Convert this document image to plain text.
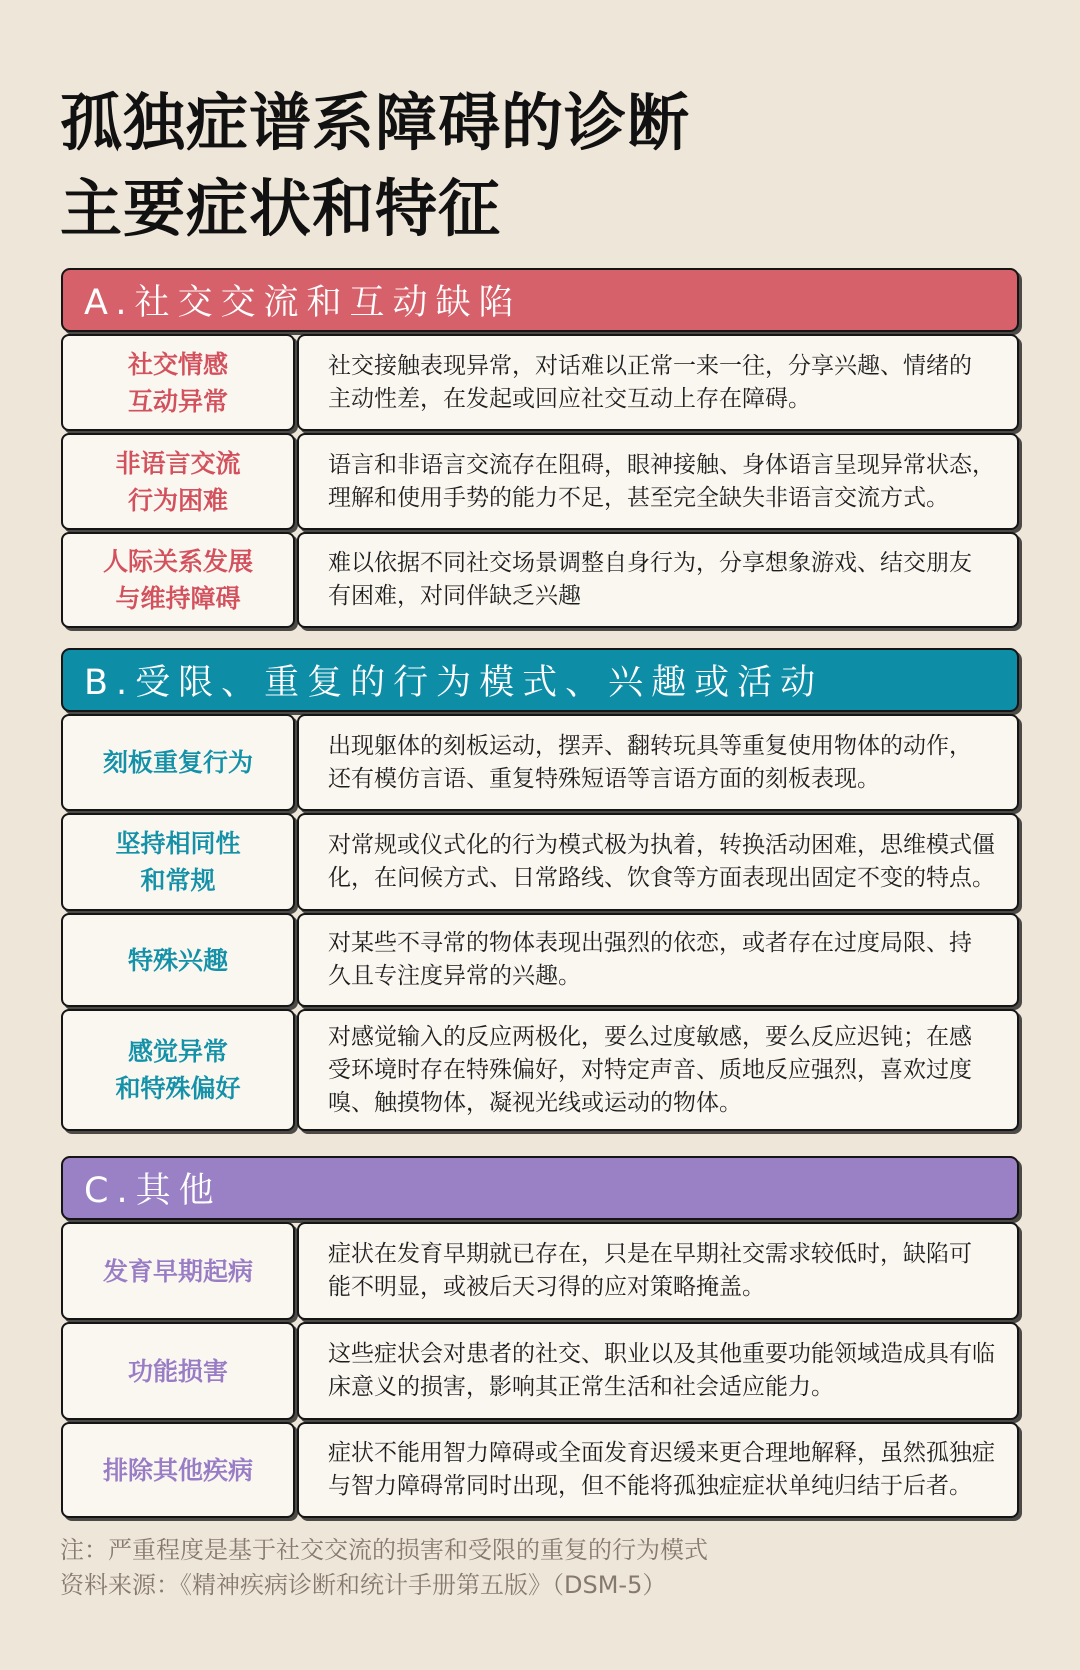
孤独症谱系障碍的诊断
主要症状和特征
A.社交交流和互动缺陷
社交情感
互动异常
社交接触表现异常，对话难以正常一来一往，分享兴趣、情绪的
主动性差，在发起或回应社交互动上存在障碍。
非语言交流
行为困难
语言和非语言交流存在阻碍，眼神接触、身体语言呈现异常状态，
理解和使用手势的能力不足，甚至完全缺失非语言交流方式。
人际关系发展
与维持障碍
难以依据不同社交场景调整自身行为，分享想象游戏、结交朋友
有困难，对同伴缺乏兴趣
B.受限、重复的行为模式、兴趣或活动
刻板重复行为
出现躯体的刻板运动，摆弄、翻转玩具等重复使用物体的动作，
还有模仿言语、重复特殊短语等言语方面的刻板表现。
坚持相同性
和常规
对常规或仪式化的行为模式极为执着，转换活动困难，思维模式僵
化，在问候方式、日常路线、饮食等方面表现出固定不变的特点。
特殊兴趣
对某些不寻常的物体表现出强烈的依恋，或者存在过度局限、持
久且专注度异常的兴趣。
感觉异常
和特殊偏好
对感觉输入的反应两极化，要么过度敏感，要么反应迟钝；在感
受环境时存在特殊偏好，对特定声音、质地反应强烈，喜欢过度
嗅、触摸物体，凝视光线或运动的物体。
C.其他
发育早期起病
症状在发育早期就已存在，只是在早期社交需求较低时，缺陷可
能不明显，或被后天习得的应对策略掩盖。
功能损害
这些症状会对患者的社交、职业以及其他重要功能领域造成具有临
床意义的损害，影响其正常生活和社会适应能力。
排除其他疾病
症状不能用智力障碍或全面发育迟缓来更合理地解释，虽然孤独症
与智力障碍常同时出现，但不能将孤独症症状单纯归结于后者。
注：严重程度是基于社交交流的损害和受限的重复的行为模式
资料来源：《精神疾病诊断和统计手册第五版》（DSM-5）
